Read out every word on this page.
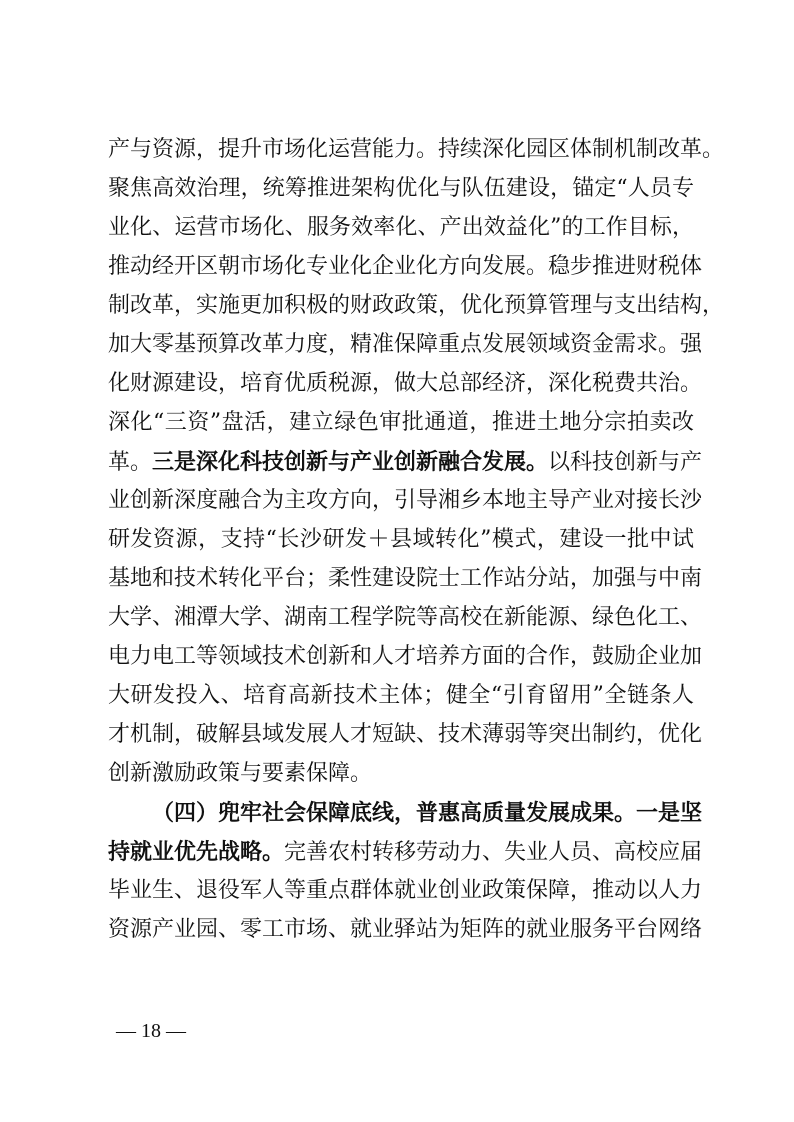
产与资源，提升市场化运营能力。持续深化园区体制机制改革。
聚焦高效治理，统筹推进架构优化与队伍建设，锚定“人员专
业化、运营市场化、服务效率化、产出效益化”的工作目标，
推动经开区朝市场化专业化企业化方向发展。稳步推进财税体
制改革，实施更加积极的财政政策，优化预算管理与支出结构，
加大零基预算改革力度，精准保障重点发展领域资金需求。强
化财源建设，培育优质税源，做大总部经济，深化税费共治。
深化“三资”盘活，建立绿色审批通道，推进土地分宗拍卖改
革。三是深化科技创新与产业创新融合发展。以科技创新与产
业创新深度融合为主攻方向，引导湘乡本地主导产业对接长沙
研发资源，支持“长沙研发＋县域转化”模式，建设一批中试
基地和技术转化平台；柔性建设院士工作站分站，加强与中南
大学、湘潭大学、湖南工程学院等高校在新能源、绿色化工、
电力电工等领域技术创新和人才培养方面的合作，鼓励企业加
大研发投入、培育高新技术主体；健全“引育留用”全链条人
才机制，破解县域发展人才短缺、技术薄弱等突出制约，优化
创新激励政策与要素保障。
（四）兜牢社会保障底线，普惠高质量发展成果。一是坚
持就业优先战略。完善农村转移劳动力、失业人员、高校应届
毕业生、退役军人等重点群体就业创业政策保障，推动以人力
资源产业园、零工市场、就业驿站为矩阵的就业服务平台网络
— 18 —
